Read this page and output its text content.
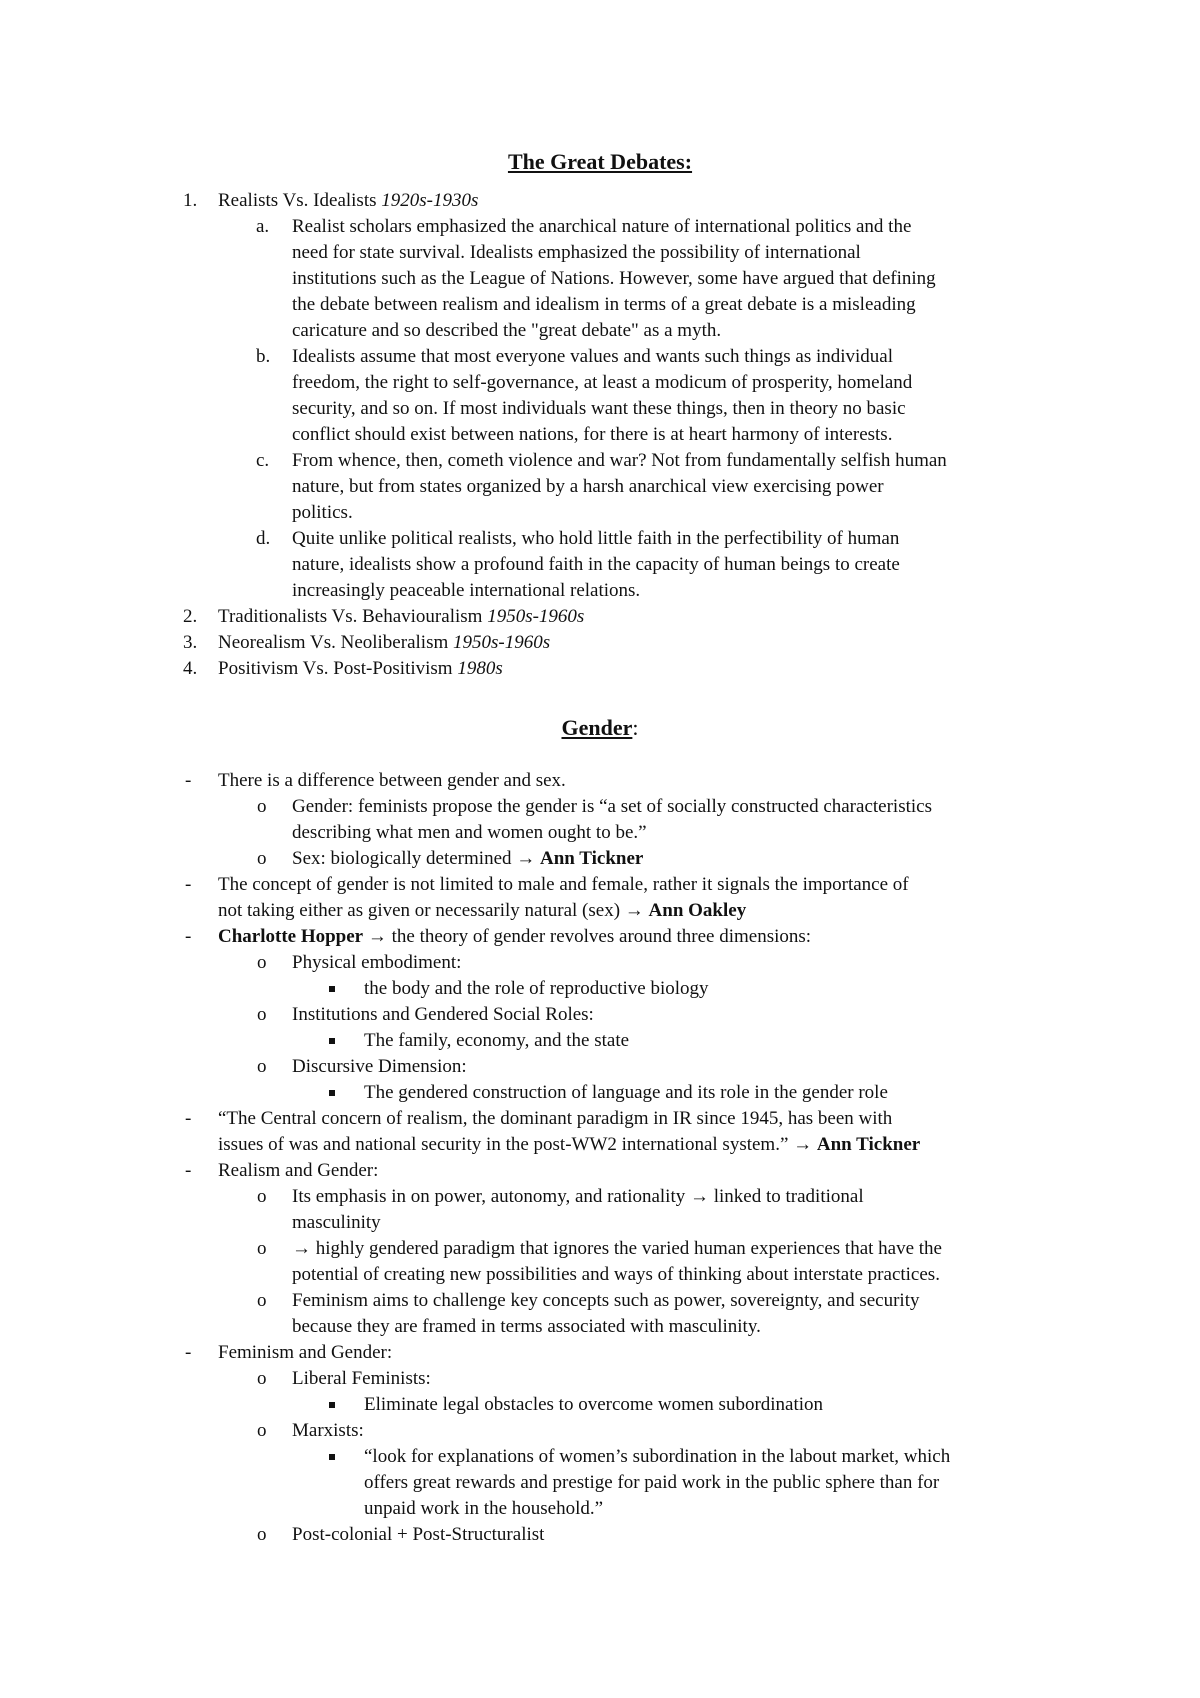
The Great Debates:
1. Realists Vs. Idealists 1920s-1930s
a. Realist scholars emphasized the anarchical nature of international politics and the
need for state survival. Idealists emphasized the possibility of international
institutions such as the League of Nations. However, some have argued that defining
the debate between realism and idealism in terms of a great debate is a misleading
caricature and so described the "great debate" as a myth.
b. Idealists assume that most everyone values and wants such things as individual
freedom, the right to self-governance, at least a modicum of prosperity, homeland
security, and so on. If most individuals want these things, then in theory no basic
conflict should exist between nations, for there is at heart harmony of interests.
c. From whence, then, cometh violence and war? Not from fundamentally selfish human
nature, but from states organized by a harsh anarchical view exercising power
politics.
d. Quite unlike political realists, who hold little faith in the perfectibility of human
nature, idealists show a profound faith in the capacity of human beings to create
increasingly peaceable international relations.
2. Traditionalists Vs. Behaviouralism 1950s-1960s
3. Neorealism Vs. Neoliberalism 1950s-1960s
4. Positivism Vs. Post-Positivism 1980s
Gender:
- There is a difference between gender and sex.
o Gender: feminists propose the gender is “a set of socially constructed characteristics
describing what men and women ought to be.”
o Sex: biologically determined → Ann Tickner
- The concept of gender is not limited to male and female, rather it signals the importance of
not taking either as given or necessarily natural (sex) → Ann Oakley
- Charlotte Hopper → the theory of gender revolves around three dimensions:
o Physical embodiment:
the body and the role of reproductive biology
o Institutions and Gendered Social Roles:
The family, economy, and the state
o Discursive Dimension:
The gendered construction of language and its role in the gender role
- “The Central concern of realism, the dominant paradigm in IR since 1945, has been with
issues of was and national security in the post-WW2 international system.” → Ann Tickner
- Realism and Gender:
o Its emphasis in on power, autonomy, and rationality → linked to traditional
masculinity
o → highly gendered paradigm that ignores the varied human experiences that have the
potential of creating new possibilities and ways of thinking about interstate practices.
o Feminism aims to challenge key concepts such as power, sovereignty, and security
because they are framed in terms associated with masculinity.
- Feminism and Gender:
o Liberal Feminists:
Eliminate legal obstacles to overcome women subordination
o Marxists:
“look for explanations of women’s subordination in the labout market, which
offers great rewards and prestige for paid work in the public sphere than for
unpaid work in the household.”
o Post-colonial + Post-Structuralist
